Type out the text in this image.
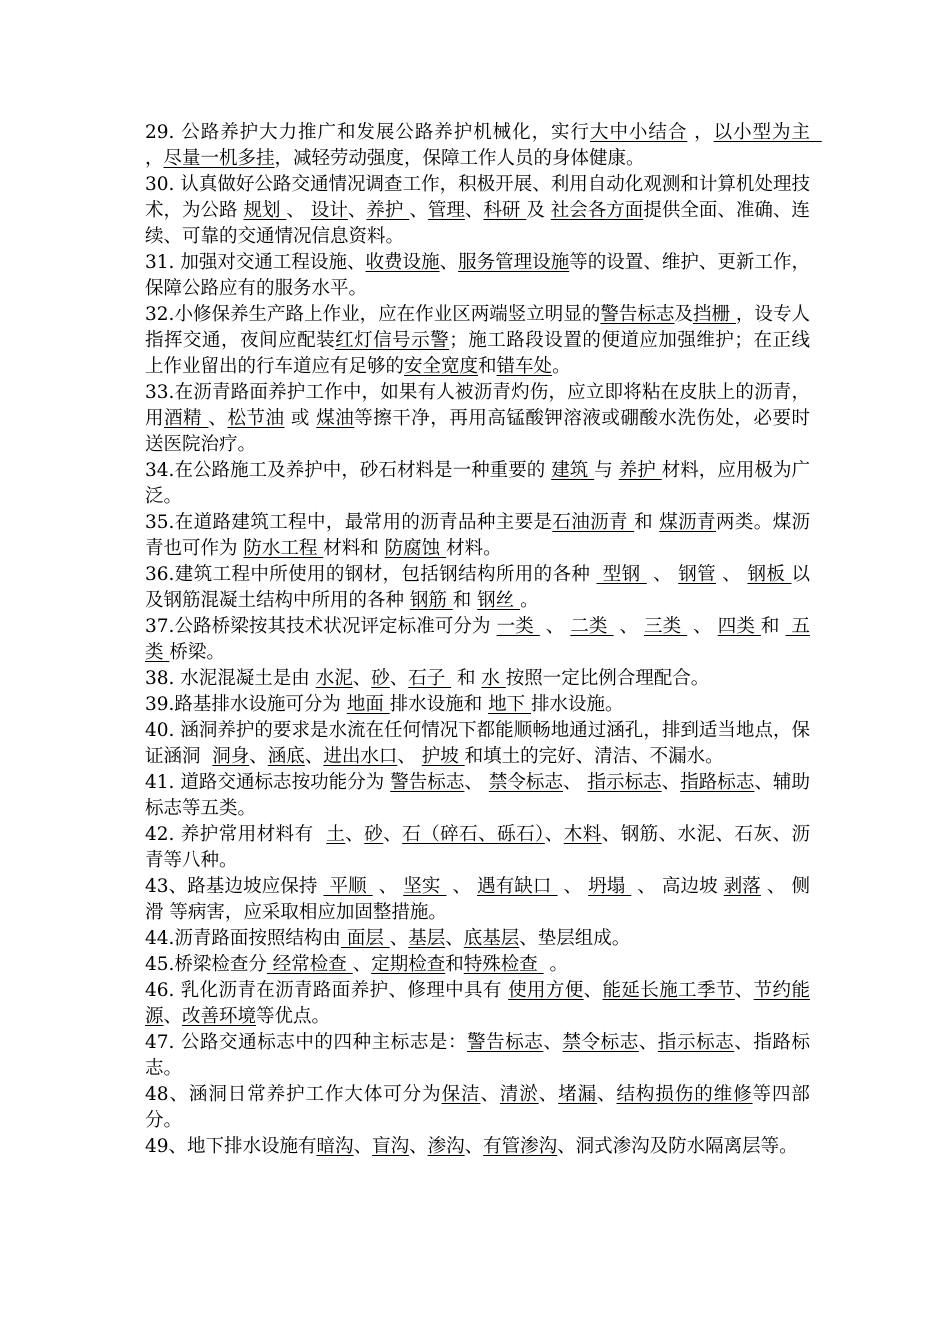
29. 公路养护大力推广和发展公路养护机械化，实行大中小结合 ，以小型为主   ，尽量一机多挂，减轻劳动强度，保障工作人员的身体健康。

30. 认真做好公路交通情况调查工作，积极开展、利用自动化观测和计算机处理技术，为公路 规划 、 设计、养护 、管理、科研 及 社会各方面提供全面、准确、连续、可靠的交通情况信息资料。

31. 加强对交通工程设施、收费设施、服务管理设施等的设置、维护、更新工作，保障公路应有的服务水平。

32.小修保养生产路上作业，应在作业区两端竖立明显的警告标志及挡栅 ，设专人指挥交通，夜间应配装红灯信号示警；施工路段设置的便道应加强维护；在正线上作业留出的行车道应有足够的安全宽度和错车处。

33.在沥青路面养护工作中，如果有人被沥青灼伤，应立即将粘在皮肤上的沥青，用酒精 、松节油 或 煤油等擦干净，再用高锰酸钾溶液或硼酸水洗伤处，必要时送医院治疗。

34.在公路施工及养护中，砂石材料是一种重要的 建筑 与 养护 材料，应用极为广泛。

35.在道路建筑工程中，最常用的沥青品种主要是石油沥青 和 煤沥青两类。煤沥青也可作为 防水工程 材料和 防腐蚀 材料。

36.建筑工程中所使用的钢材，包括钢结构所用的各种  型钢  、 钢管 、 钢板 以及钢筋混凝土结构中所用的各种 钢筋 和 钢丝 。

37.公路桥梁按其技术状况评定标准可分为 一类  、 二类  、 三类  、 四类 和  五类 桥梁。

38. 水泥混凝土是由 水泥、砂、石子  和 水 按照一定比例合理配合。

39.路基排水设施可分为 地面 排水设施和 地下 排水设施。

40. 涵洞养护的要求是水流在任何情况下都能顺畅地通过涵孔，排到适当地点，保证涵洞  洞身、涵底、进出水口、 护坡 和填土的完好、清洁、不漏水。

41. 道路交通标志按功能分为 警告标志、 禁令标志、 指示标志、指路标志、辅助标志等五类。

42. 养护常用材料有  土、砂、石（碎石、砾石）、木料、钢筋、水泥、石灰、沥青等八种。

43、路基边坡应保持  平顺  、 坚实  、 遇有缺口  、 坍塌  、 高边坡 剥落 、 侧滑 等病害，应采取相应加固整措施。

44.沥青路面按照结构由 面层 、基层、底基层、垫层组成。

45.桥梁检查分 经常检查 、定期检查和特殊检查  。

46. 乳化沥青在沥青路面养护、修理中具有 使用方便、能延长施工季节、节约能源、改善环境等优点。

47. 公路交通标志中的四种主标志是：警告标志、禁令标志、指示标志、指路标志。

48、涵洞日常养护工作大体可分为保洁、清淤、堵漏、结构损伤的维修等四部分。

49、地下排水设施有暗沟、盲沟、渗沟、有管渗沟、洞式渗沟及防水隔离层等。
